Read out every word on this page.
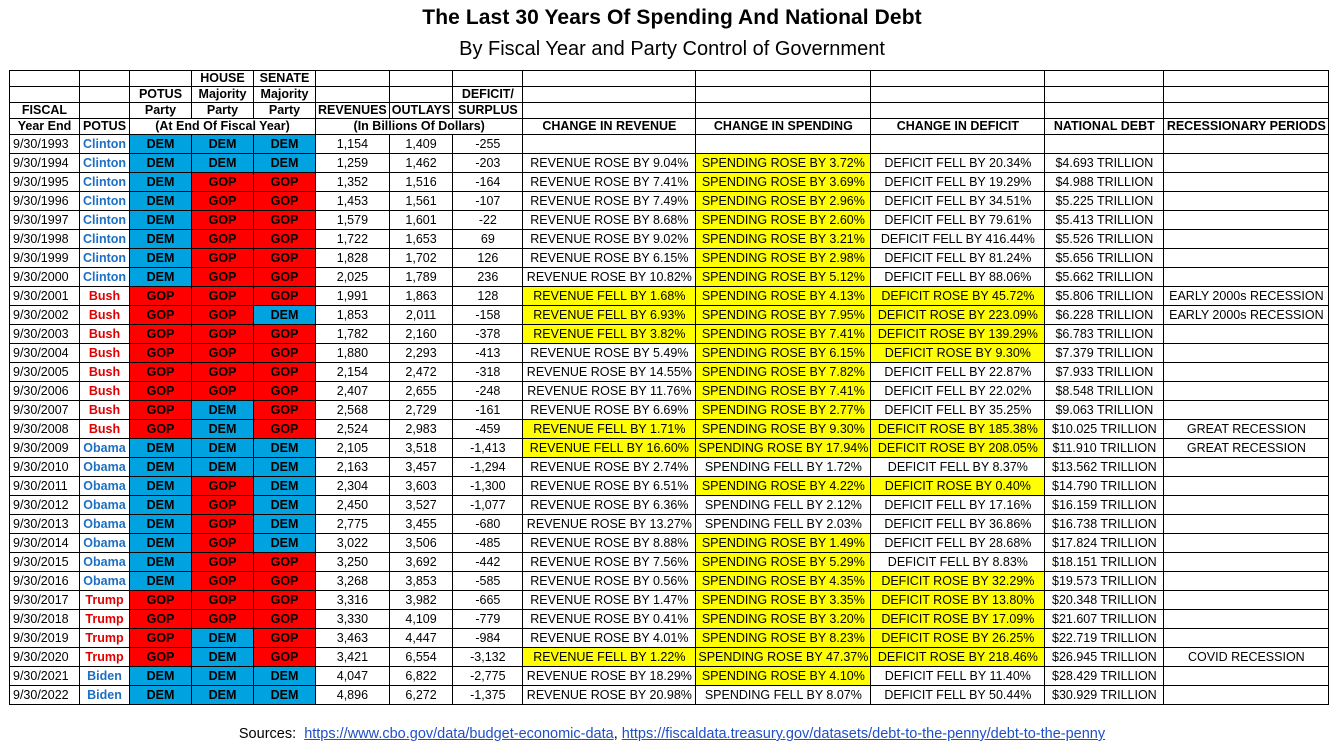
The Last 30 Years Of Spending And National Debt
By Fiscal Year and Party Control of Government
			HOUSE	SENATE								
		POTUS	Majority	Majority			DEFICIT/					
FISCAL		Party	Party	Party	REVENUES	OUTLAYS	SURPLUS					
Year End	POTUS	(At End Of Fiscal Year)			(In Billions Of Dollars)			CHANGE IN REVENUE	CHANGE IN SPENDING	CHANGE IN DEFICIT	NATIONAL DEBT	RECESSIONARY PERIODS
9/30/1993	Clinton	DEM	DEM	DEM	1,154	1,409	-255					
9/30/1994	Clinton	DEM	DEM	DEM	1,259	1,462	-203	REVENUE ROSE BY 9.04%	SPENDING ROSE BY 3.72%	DEFICIT FELL BY 20.34%	$4.693 TRILLION	
9/30/1995	Clinton	DEM	GOP	GOP	1,352	1,516	-164	REVENUE ROSE BY 7.41%	SPENDING ROSE BY 3.69%	DEFICIT FELL BY 19.29%	$4.988 TRILLION	
9/30/1996	Clinton	DEM	GOP	GOP	1,453	1,561	-107	REVENUE ROSE BY 7.49%	SPENDING ROSE BY 2.96%	DEFICIT FELL BY 34.51%	$5.225 TRILLION	
9/30/1997	Clinton	DEM	GOP	GOP	1,579	1,601	-22	REVENUE ROSE BY 8.68%	SPENDING ROSE BY 2.60%	DEFICIT FELL BY 79.61%	$5.413 TRILLION	
9/30/1998	Clinton	DEM	GOP	GOP	1,722	1,653	69	REVENUE ROSE BY 9.02%	SPENDING ROSE BY 3.21%	DEFICIT FELL BY 416.44%	$5.526 TRILLION	
9/30/1999	Clinton	DEM	GOP	GOP	1,828	1,702	126	REVENUE ROSE BY 6.15%	SPENDING ROSE BY 2.98%	DEFICIT FELL BY 81.24%	$5.656 TRILLION	
9/30/2000	Clinton	DEM	GOP	GOP	2,025	1,789	236	REVENUE ROSE BY 10.82%	SPENDING ROSE BY 5.12%	DEFICIT FELL BY 88.06%	$5.662 TRILLION	
9/30/2001	Bush	GOP	GOP	GOP	1,991	1,863	128	REVENUE FELL BY 1.68%	SPENDING ROSE BY 4.13%	DEFICIT ROSE BY 45.72%	$5.806 TRILLION	EARLY 2000s RECESSION
9/30/2002	Bush	GOP	GOP	DEM	1,853	2,011	-158	REVENUE FELL BY 6.93%	SPENDING ROSE BY 7.95%	DEFICIT ROSE BY 223.09%	$6.228 TRILLION	EARLY 2000s RECESSION
9/30/2003	Bush	GOP	GOP	GOP	1,782	2,160	-378	REVENUE FELL BY 3.82%	SPENDING ROSE BY 7.41%	DEFICIT ROSE BY 139.29%	$6.783 TRILLION	
9/30/2004	Bush	GOP	GOP	GOP	1,880	2,293	-413	REVENUE ROSE BY 5.49%	SPENDING ROSE BY 6.15%	DEFICIT ROSE BY 9.30%	$7.379 TRILLION	
9/30/2005	Bush	GOP	GOP	GOP	2,154	2,472	-318	REVENUE ROSE BY 14.55%	SPENDING ROSE BY 7.82%	DEFICIT FELL BY 22.87%	$7.933 TRILLION	
9/30/2006	Bush	GOP	GOP	GOP	2,407	2,655	-248	REVENUE ROSE BY 11.76%	SPENDING ROSE BY 7.41%	DEFICIT FELL BY 22.02%	$8.548 TRILLION	
9/30/2007	Bush	GOP	DEM	GOP	2,568	2,729	-161	REVENUE ROSE BY 6.69%	SPENDING ROSE BY 2.77%	DEFICIT FELL BY 35.25%	$9.063 TRILLION	
9/30/2008	Bush	GOP	DEM	GOP	2,524	2,983	-459	REVENUE FELL BY 1.71%	SPENDING ROSE BY 9.30%	DEFICIT ROSE BY 185.38%	$10.025 TRILLION	GREAT RECESSION
9/30/2009	Obama	DEM	DEM	DEM	2,105	3,518	-1,413	REVENUE FELL BY 16.60%	SPENDING ROSE BY 17.94%	DEFICIT ROSE BY 208.05%	$11.910 TRILLION	GREAT RECESSION
9/30/2010	Obama	DEM	DEM	DEM	2,163	3,457	-1,294	REVENUE ROSE BY 2.74%	SPENDING FELL BY 1.72%	DEFICIT FELL BY 8.37%	$13.562 TRILLION	
9/30/2011	Obama	DEM	GOP	DEM	2,304	3,603	-1,300	REVENUE ROSE BY 6.51%	SPENDING ROSE BY 4.22%	DEFICIT ROSE BY 0.40%	$14.790 TRILLION	
9/30/2012	Obama	DEM	GOP	DEM	2,450	3,527	-1,077	REVENUE ROSE BY 6.36%	SPENDING FELL BY 2.12%	DEFICIT FELL BY 17.16%	$16.159 TRILLION	
9/30/2013	Obama	DEM	GOP	DEM	2,775	3,455	-680	REVENUE ROSE BY 13.27%	SPENDING FELL BY 2.03%	DEFICIT FELL BY 36.86%	$16.738 TRILLION	
9/30/2014	Obama	DEM	GOP	DEM	3,022	3,506	-485	REVENUE ROSE BY 8.88%	SPENDING ROSE BY 1.49%	DEFICIT FELL BY 28.68%	$17.824 TRILLION	
9/30/2015	Obama	DEM	GOP	GOP	3,250	3,692	-442	REVENUE ROSE BY 7.56%	SPENDING ROSE BY 5.29%	DEFICIT FELL BY 8.83%	$18.151 TRILLION	
9/30/2016	Obama	DEM	GOP	GOP	3,268	3,853	-585	REVENUE ROSE BY 0.56%	SPENDING ROSE BY 4.35%	DEFICIT ROSE BY 32.29%	$19.573 TRILLION	
9/30/2017	Trump	GOP	GOP	GOP	3,316	3,982	-665	REVENUE ROSE BY 1.47%	SPENDING ROSE BY 3.35%	DEFICIT ROSE BY 13.80%	$20.348 TRILLION	
9/30/2018	Trump	GOP	GOP	GOP	3,330	4,109	-779	REVENUE ROSE BY 0.41%	SPENDING ROSE BY 3.20%	DEFICIT ROSE BY 17.09%	$21.607 TRILLION	
9/30/2019	Trump	GOP	DEM	GOP	3,463	4,447	-984	REVENUE ROSE BY 4.01%	SPENDING ROSE BY 8.23%	DEFICIT ROSE BY 26.25%	$22.719 TRILLION	
9/30/2020	Trump	GOP	DEM	GOP	3,421	6,554	-3,132	REVENUE FELL BY 1.22%	SPENDING ROSE BY 47.37%	DEFICIT ROSE BY 218.46%	$26.945 TRILLION	COVID RECESSION
9/30/2021	Biden	DEM	DEM	DEM	4,047	6,822	-2,775	REVENUE ROSE BY 18.29%	SPENDING ROSE BY 4.10%	DEFICIT FELL BY 11.40%	$28.429 TRILLION	
9/30/2022	Biden	DEM	DEM	DEM	4,896	6,272	-1,375	REVENUE ROSE BY 20.98%	SPENDING FELL BY 8.07%	DEFICIT FELL BY 50.44%	$30.929 TRILLION	
Sources: https://www.cbo.gov/data/budget-economic-data, https://fiscaldata.treasury.gov/datasets/debt-to-the-penny/debt-to-the-penny
